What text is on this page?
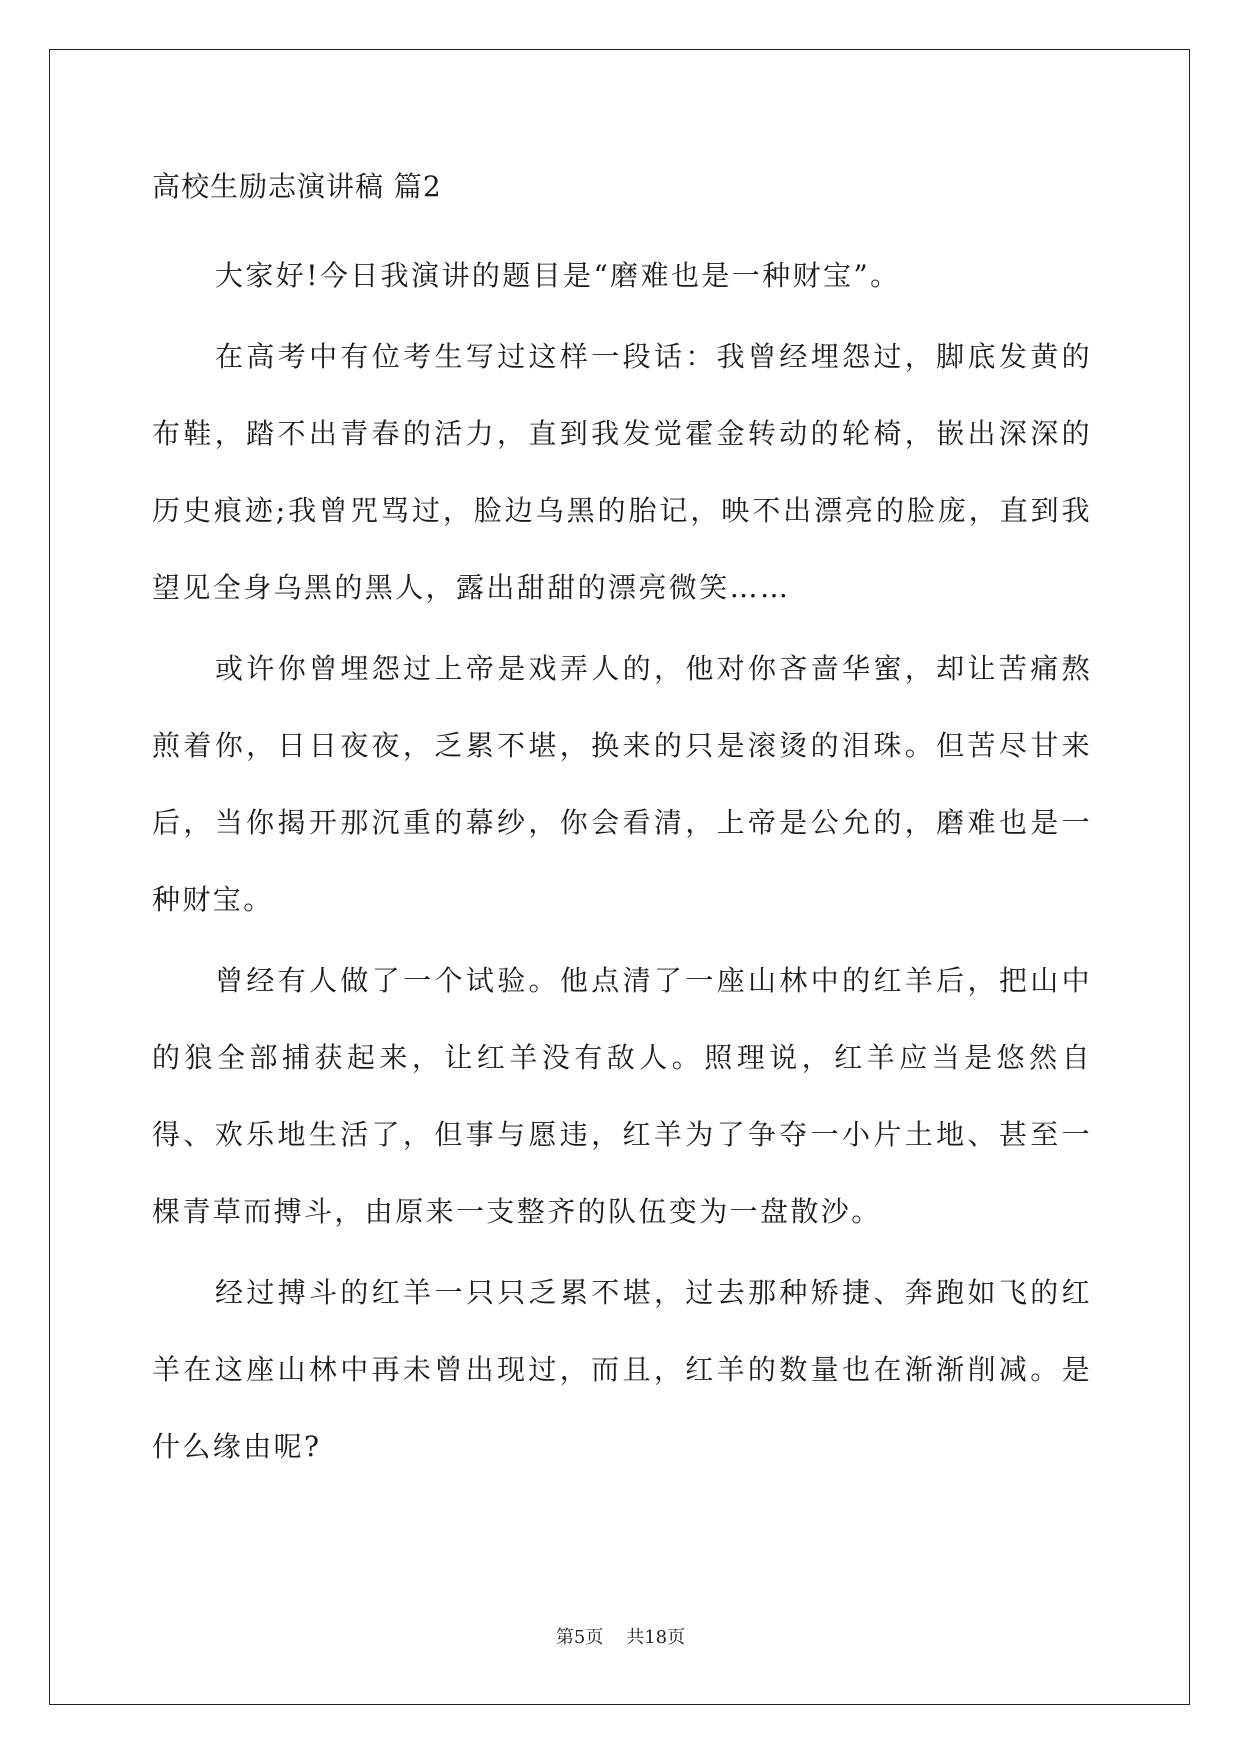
高校生励志演讲稿 篇2

大家好!今日我演讲的题目是“磨难也是一种财宝”。

在高考中有位考生写过这样一段话：我曾经埋怨过，脚底发黄的布鞋，踏不出青春的活力，直到我发觉霍金转动的轮椅，嵌出深深的历史痕迹;我曾咒骂过，脸边乌黑的胎记，映不出漂亮的脸庞，直到我望见全身乌黑的黑人，露出甜甜的漂亮微笑……

或许你曾埋怨过上帝是戏弄人的，他对你吝啬华蜜，却让苦痛熬煎着你，日日夜夜，乏累不堪，换来的只是滚烫的泪珠。但苦尽甘来后，当你揭开那沉重的幕纱，你会看清，上帝是公允的，磨难也是一种财宝。

曾经有人做了一个试验。他点清了一座山林中的红羊后，把山中的狼全部捕获起来，让红羊没有敌人。照理说，红羊应当是悠然自得、欢乐地生活了，但事与愿违，红羊为了争夺一小片土地、甚至一棵青草而搏斗，由原来一支整齐的队伍变为一盘散沙。

经过搏斗的红羊一只只乏累不堪，过去那种矫捷、奔跑如飞的红羊在这座山林中再未曾出现过，而且，红羊的数量也在渐渐削减。是什么缘由呢?

第5页    共18页
